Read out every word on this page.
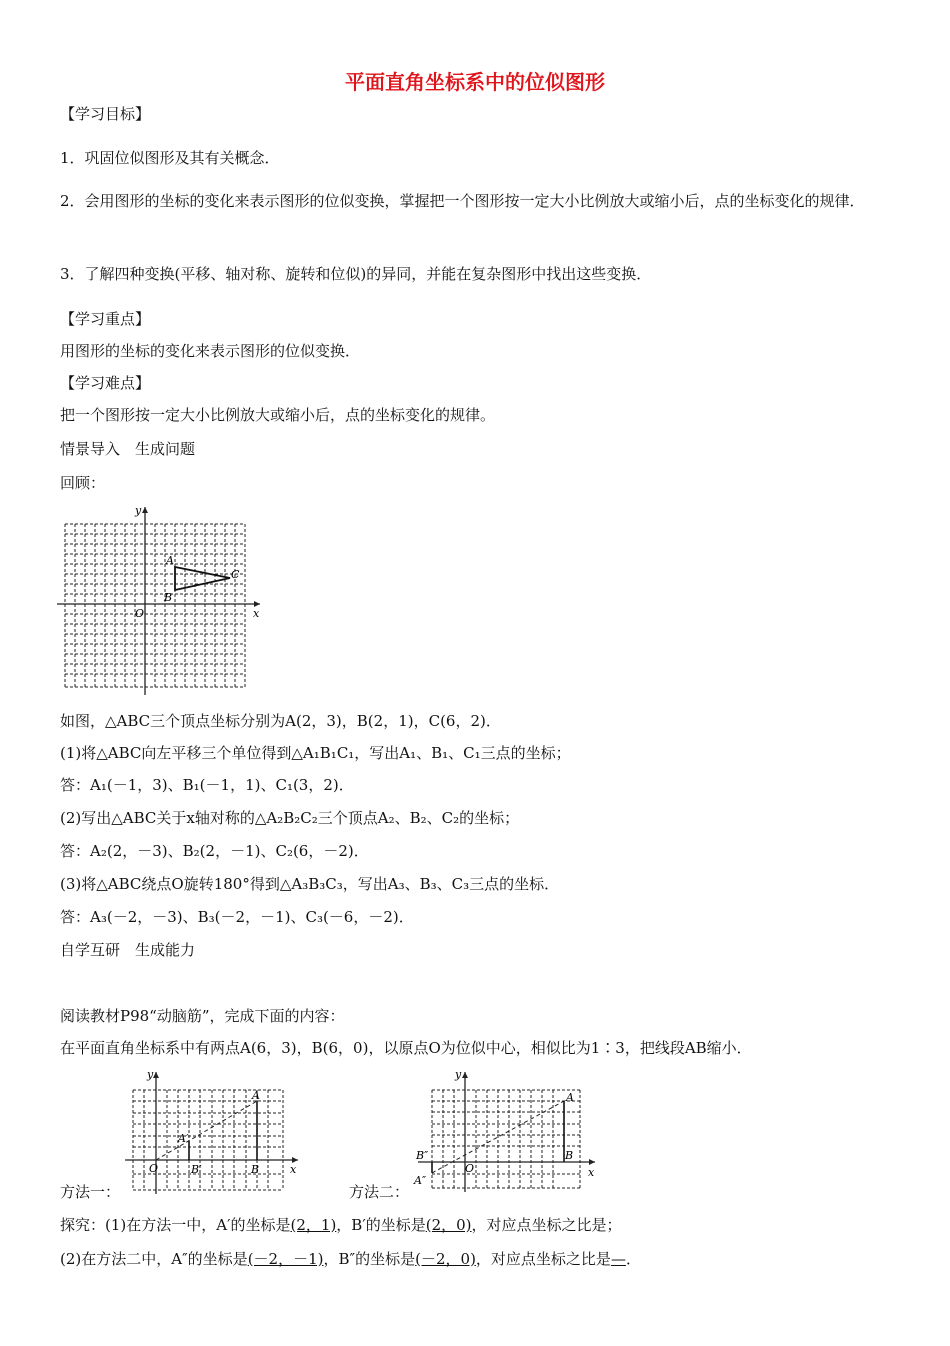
平面直角坐标系中的位似图形
【学习目标】
1．巩固位似图形及其有关概念．
2．会用图形的坐标的变化来表示图形的位似变换，掌握把一个图形按一定大小比例放大或缩小后，点的坐标变化的规律．
3．了解四种变换(平移、轴对称、旋转和位似)的异同，并能在复杂图形中找出这些变换．
【学习重点】
用图形的坐标的变化来表示图形的位似变换．
【学习难点】
把一个图形按一定大小比例放大或缩小后，点的坐标变化的规律。
情景导入　生成问题
回顾：
y
x
O
A
B
C
如图，△ABC三个顶点坐标分别为A(2，3)，B(2，1)，C(6，2)．
(1)将△ABC向左平移三个单位得到△A₁B₁C₁，写出A₁、B₁、C₁三点的坐标；
答：A₁(－1，3)、B₁(－1，1)、C₁(3，2)．
(2)写出△ABC关于x轴对称的△A₂B₂C₂三个顶点A₂、B₂、C₂的坐标；
答：A₂(2，－3)、B₂(2，－1)、C₂(6，－2)．
(3)将△ABC绕点O旋转180°得到△A₃B₃C₃，写出A₃、B₃、C₃三点的坐标．
答：A₃(－2，－3)、B₃(－2，－1)、C₃(－6，－2)．
自学互研　生成能力
阅读教材P98“动脑筋”，完成下面的内容：
在平面直角坐标系中有两点A(6，3)，B(6，0)，以原点O为位似中心，相似比为1∶3，把线段AB缩小．
y
x
O
A
B
A′
B′
y
x
O
A
B
A″
B″
方法一：	方法二：
探究：(1)在方法一中，A′的坐标是(2，1)，B′的坐标是(2，0)，对应点坐标之比是；
(2)在方法二中，A″的坐标是(－2，－1)，B″的坐标是(－2，0)，对应点坐标之比是—．
